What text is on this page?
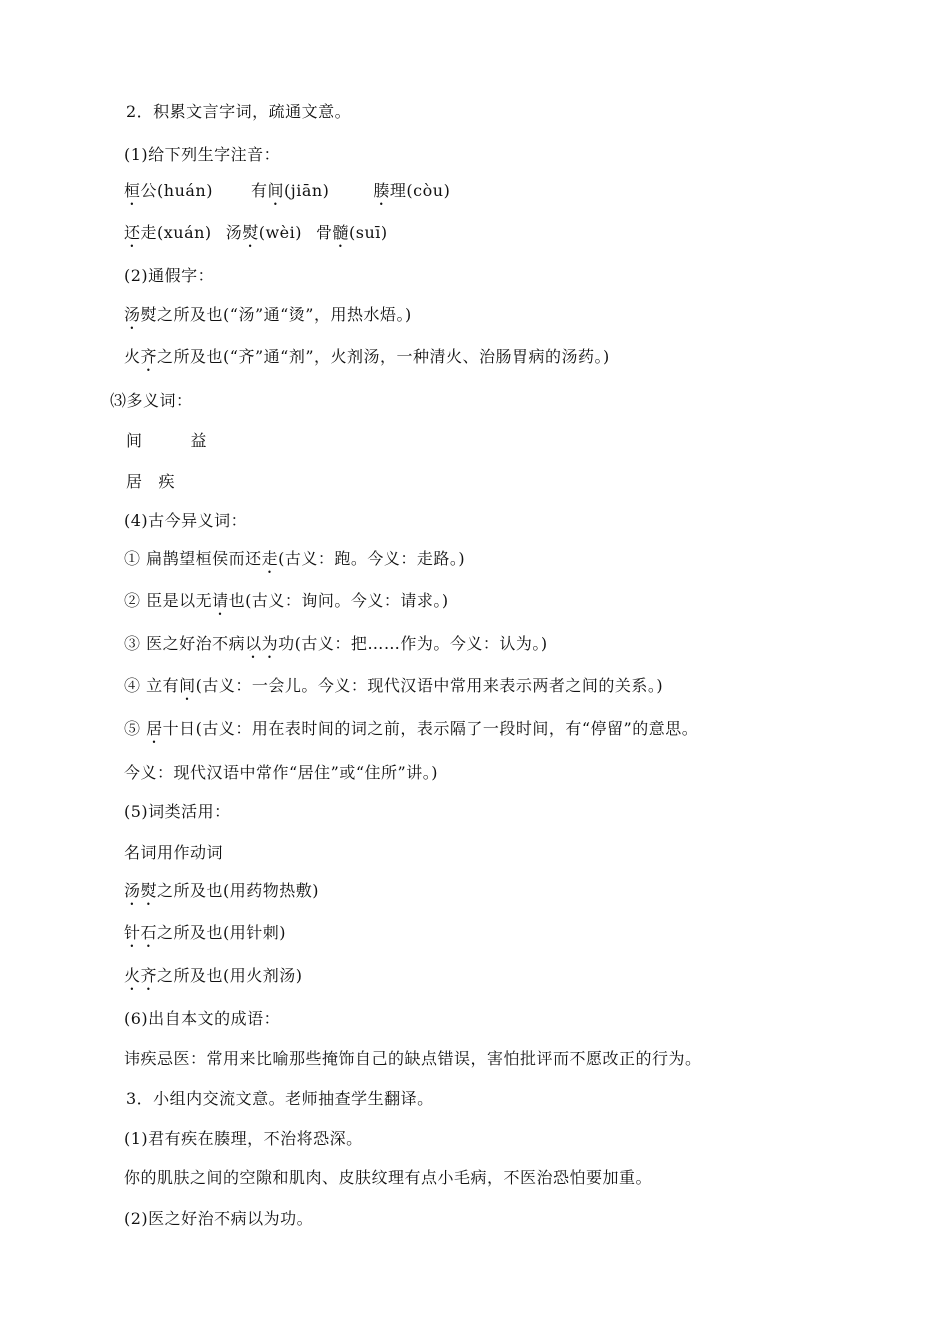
2．积累文言字词，疏通文意。
(1)给下列生字注音：
桓公(huán) 有间(jiān)	腠理(còu)
还走(xuán) 汤熨(wèi) 骨髓(suī)
(2)通假字：
汤熨之所及也(“汤”通“烫”，用热水焐。)
火齐之所及也(“齐”通“剂”，火剂汤，一种清火、治肠胃病的汤药。)
⑶多义词：
间	益
居 疾
(4)古今异义词：
① 扁鹊望桓侯而还走(古义：跑。今义：走路。)
② 臣是以无请也(古义：询问。今义：请求。)
③ 医之好治不病以为功(古义：把……作为。今义：认为。)
④ 立有间(古义：一会儿。今义：现代汉语中常用来表示两者之间的关系。)
⑤ 居十日(古义：用在表时间的词之前，表示隔了一段时间，有“停留”的意思。
今义：现代汉语中常作“居住”或“住所”讲。)
(5)词类活用：
名词用作动词
汤熨之所及也(用药物热敷)
针石之所及也(用针刺)
火齐之所及也(用火剂汤)
(6)出自本文的成语：
讳疾忌医：常用来比喻那些掩饰自己的缺点错误，害怕批评而不愿改正的行为。
3．小组内交流文意。老师抽查学生翻译。
(1)君有疾在腠理，不治将恐深。
你的肌肤之间的空隙和肌肉、皮肤纹理有点小毛病，不医治恐怕要加重。
(2)医之好治不病以为功。
